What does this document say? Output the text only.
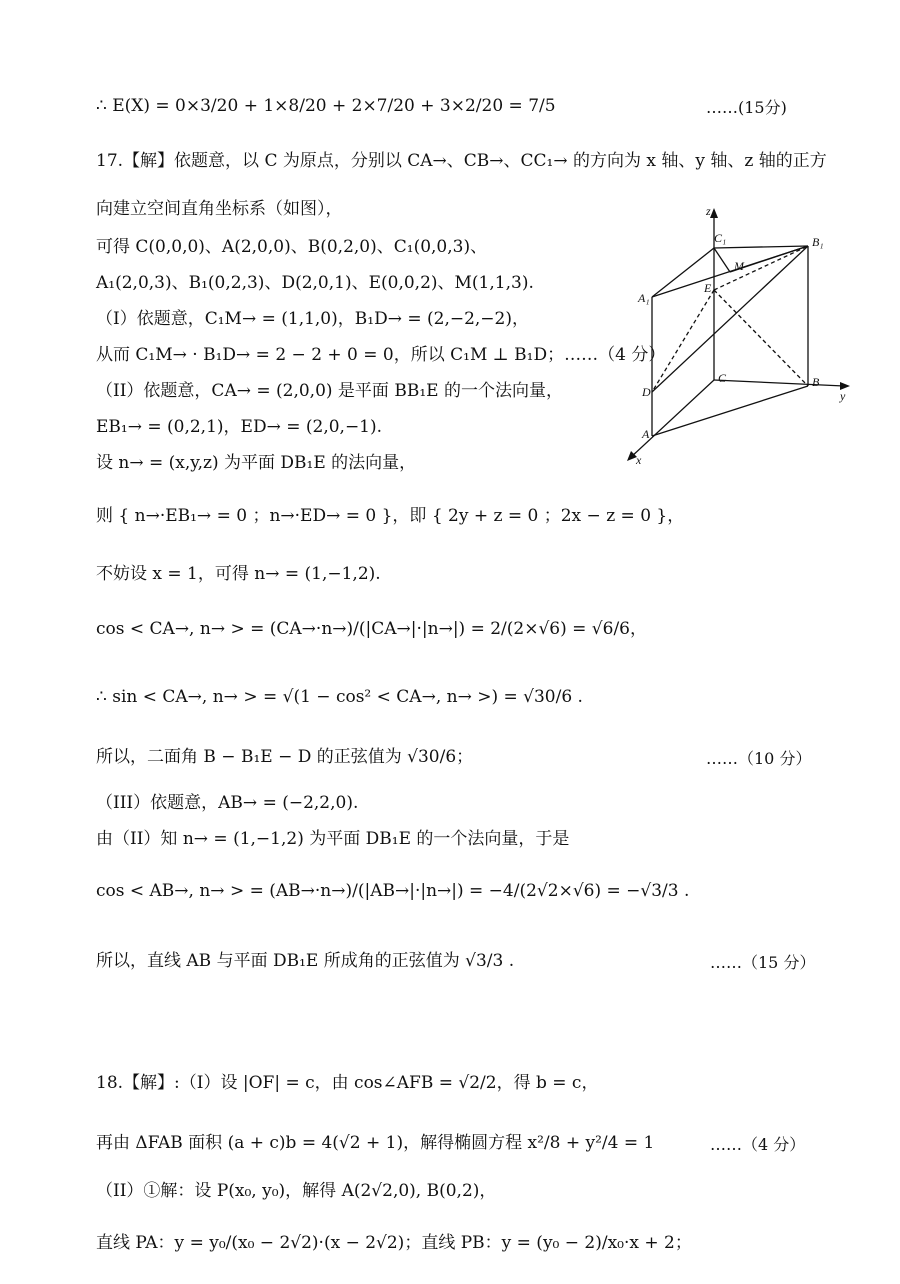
∴ E(X) = 0×3/20 + 1×8/20 + 2×7/20 + 3×2/20 = 7/5	……(15分)
17.【解】依题意，以 C 为原点，分别以 CA→、CB→、CC₁→ 的方向为 x 轴、y 轴、z 轴的正方
向建立空间直角坐标系（如图），
可得 C(0,0,0)、A(2,0,0)、B(0,2,0)、C₁(0,0,3)、
A₁(2,0,3)、B₁(0,2,3)、D(2,0,1)、E(0,0,2)、M(1,1,3).
（I）依题意，C₁M→ = (1,1,0)，B₁D→ = (2,−2,−2)，
从而 C₁M→ · B₁D→ = 2 − 2 + 0 = 0，所以 C₁M ⊥ B₁D；……（4 分）
（II）依题意，CA→ = (2,0,0) 是平面 BB₁E 的一个法向量，
EB₁→ = (0,2,1)，ED→ = (2,0,−1).
设 n→ = (x,y,z) 为平面 DB₁E 的法向量，
则 { n→·EB₁→ = 0 ；n→·ED→ = 0 }，即 { 2y + z = 0 ；2x − z = 0 }，
不妨设 x = 1，可得 n→ = (1,−1,2).
cos < CA→, n→ > = (CA→·n→)/(|CA→|·|n→|) = 2/(2×√6) = √6/6，
∴ sin < CA→, n→ > = √(1 − cos² < CA→, n→ >) = √30/6 .
所以，二面角 B − B₁E − D 的正弦值为 √30/6；	……（10 分）
（III）依题意，AB→ = (−2,2,0).
由（II）知 n→ = (1,−1,2) 为平面 DB₁E 的一个法向量，于是
cos < AB→, n→ > = (AB→·n→)/(|AB→|·|n→|) = −4/(2√2×√6) = −√3/3 .
所以，直线 AB 与平面 DB₁E 所成角的正弦值为 √3/3 .	……（15 分）
18.【解】:（I）设 |OF| = c，由 cos∠AFB = √2/2，得 b = c，
再由 ΔFAB 面积 (a + c)b = 4(√2 + 1)，解得椭圆方程 x²/8 + y²/4 = 1	……（4 分）
（II）①解：设 P(x₀, y₀)，解得 A(2√2,0), B(0,2)，
直线 PA：y = y₀/(x₀ − 2√2)·(x − 2√2)；直线 PB：y = (y₀ − 2)/x₀·x + 2；
z
y
x
C₁	B₁
A₁
M
E
C	B
D
A
